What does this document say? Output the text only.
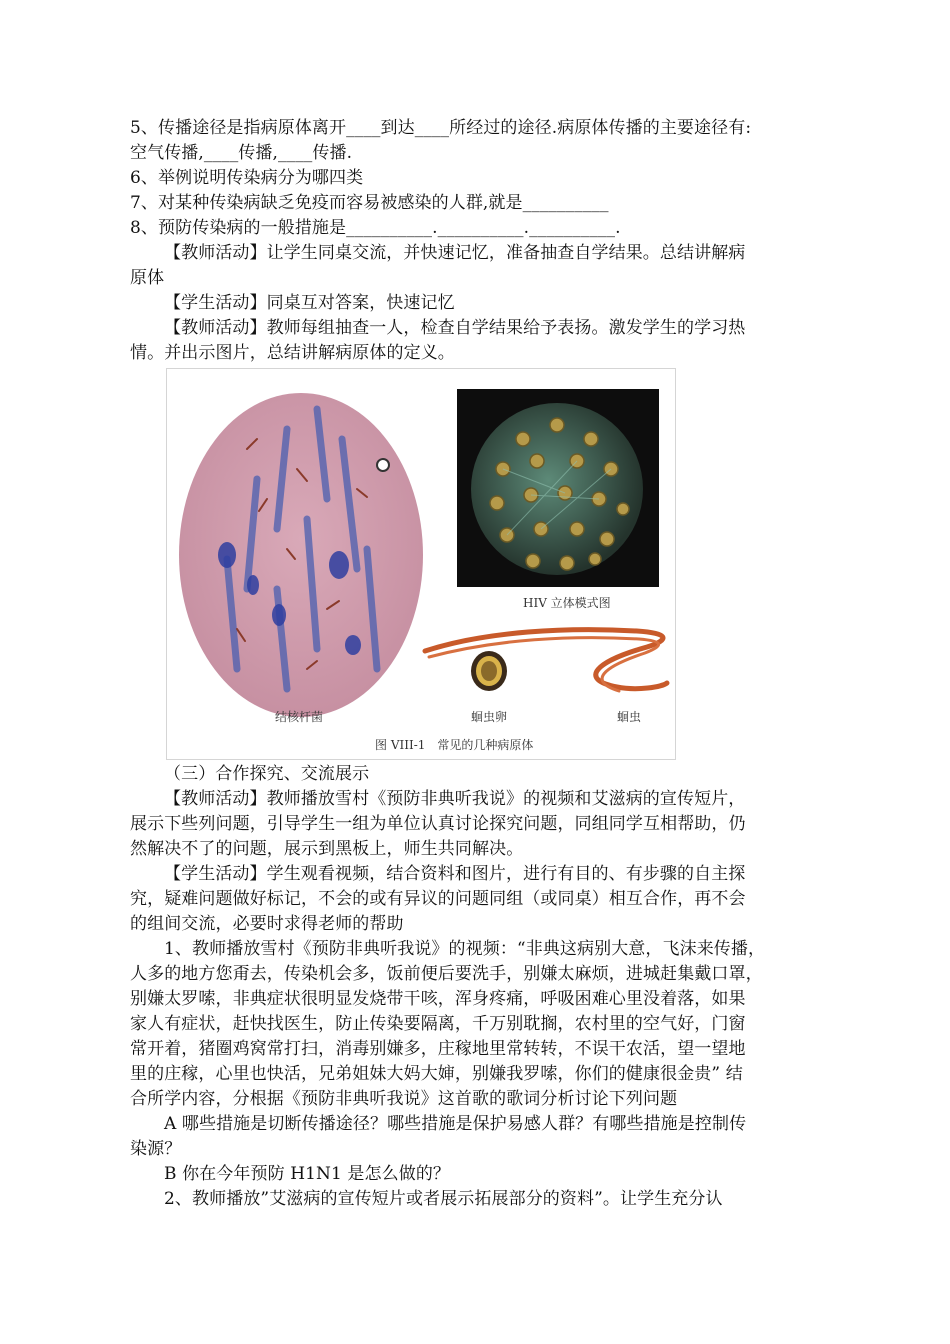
5、传播途径是指病原体离开____到达____所经过的途径.病原体传播的主要途径有:
空气传播,____传播,____传播.
6、举例说明传染病分为哪四类
7、对某种传染病缺乏免疫而容易被感染的人群,就是__________
8、预防传染病的一般措施是__________.__________.__________.
【教师活动】让学生同桌交流，并快速记忆，准备抽查自学结果。总结讲解病
原体
【学生活动】同桌互对答案，快速记忆
【教师活动】教师每组抽查一人，检查自学结果给予表扬。激发学生的学习热
情。并出示图片，总结讲解病原体的定义。
HIV 立体模式图
结核杆菌	蛔虫卵	蛔虫
图 VIII-1　常见的几种病原体
（三）合作探究、交流展示
【教师活动】教师播放雪村《预防非典听我说》的视频和艾滋病的宣传短片，
展示下些列问题，引导学生一组为单位认真讨论探究问题，同组同学互相帮助，仍
然解决不了的问题，展示到黑板上，师生共同解决。
【学生活动】学生观看视频，结合资料和图片，进行有目的、有步骤的自主探
究，疑难问题做好标记，不会的或有异议的问题同组（或同桌）相互合作，再不会
的组间交流，必要时求得老师的帮助
1、教师播放雪村《预防非典听我说》的视频：“非典这病别大意，飞沫来传播，
人多的地方您甭去，传染机会多，饭前便后要洗手，别嫌太麻烦，进城赶集戴口罩，
别嫌太罗嗦，非典症状很明显发烧带干咳，浑身疼痛，呼吸困难心里没着落，如果
家人有症状，赶快找医生，防止传染要隔离，千万别耽搁，农村里的空气好，门窗
常开着，猪圈鸡窝常打扫，消毒别嫌多，庄稼地里常转转，不误干农活，望一望地
里的庄稼，心里也快活，兄弟姐妹大妈大婶，别嫌我罗嗦，你们的健康很金贵” 结
合所学内容，分根据《预防非典听我说》这首歌的歌词分析讨论下列问题
A 哪些措施是切断传播途径？哪些措施是保护易感人群？有哪些措施是控制传
染源？
B 你在今年预防 H1N1 是怎么做的？
2、教师播放”艾滋病的宣传短片或者展示拓展部分的资料”。让学生充分认
